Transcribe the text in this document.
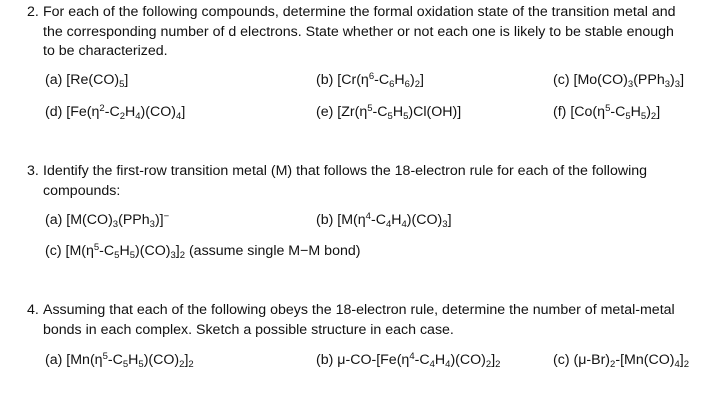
2. For each of the following compounds, determine the formal oxidation state of the transition metal and
the corresponding number of d electrons. State whether or not each one is likely to be stable enough
to be characterized.
(a) $[Re(CO)_5]$	(b) $[Cr(\eta^6-C_6H_6)_2]$	(c) $[Mo(CO)_3(PPh_3)_3]$
(d) $[Fe(\eta^2-C_2H_4)(CO)_4]$	(e) $[Zr(\eta^5-C_5H_5)Cl(OH)]$	(f) $[Co(\eta^5-C_5H_5)_2]$
3. Identify the first-row transition metal (M) that follows the 18-electron rule for each of the following
compounds:
(a) $[M(CO)_3(PPh_3)]^-$	(b) $[M(\eta^4-C_4H_4)(CO)_3]$
(c) $[M(\eta^5-C_5H_5)(CO)_3]_2$ (assume single M−M bond)
4. Assuming that each of the following obeys the 18-electron rule, determine the number of metal-metal
bonds in each complex. Sketch a possible structure in each case.
(a) $[Mn(\eta^5-C_5H_5)(CO)_2]_2$	(b) $\mu-CO-[Fe(\eta^4-C_4H_4)(CO)_2]_2$	(c) $(\mu-Br)_2-[Mn(CO)_4]_2$
